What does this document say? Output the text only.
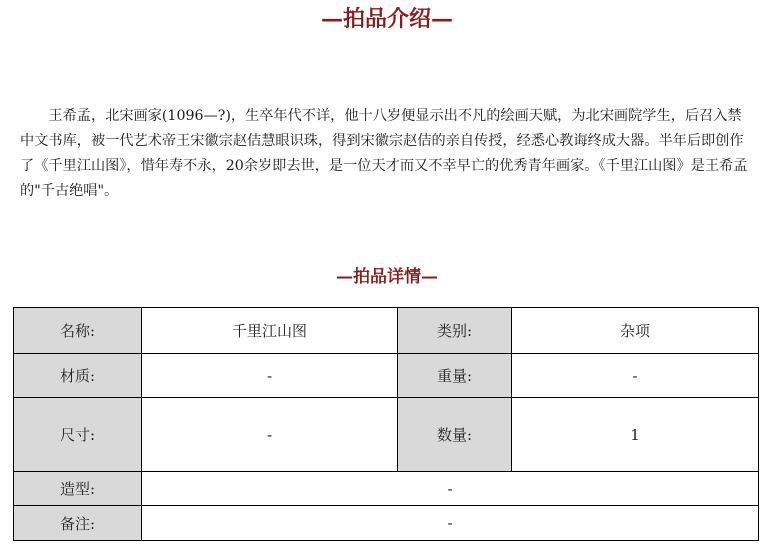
—拍品介绍—

王希孟，北宋画家(1096—?)，生卒年代不详，他十八岁便显示出不凡的绘画天赋，为北宋画院学生，后召入禁中文书库，被一代艺术帝王宋徽宗赵佶慧眼识珠，得到宋徽宗赵佶的亲自传授，经悉心教诲终成大器。半年后即创作了《千里江山图》，惜年寿不永，20余岁即去世，是一位天才而又不幸早亡的优秀青年画家。《千里江山图》是王希孟的"千古绝唱"。

—拍品详情—
名称:	千里江山图	类别:	杂项
材质:	-	重量:	-
尺寸:	-	数量:	1
造型:	-		
备注:	-		
